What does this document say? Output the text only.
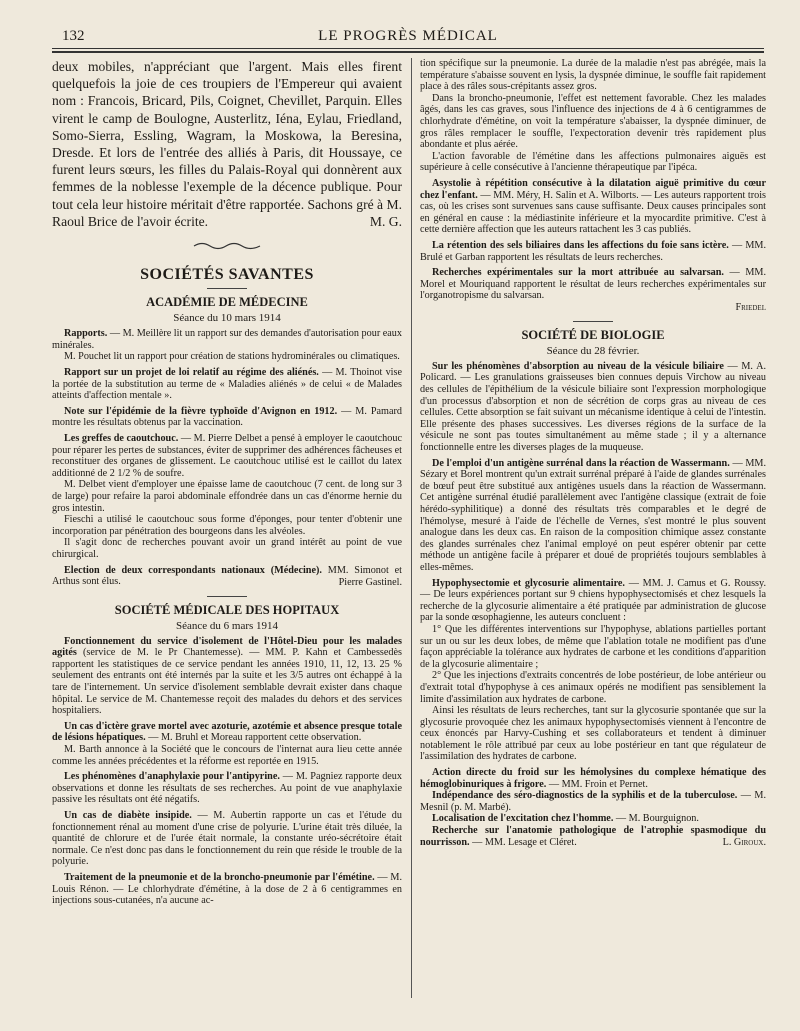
132	LE PROGRÈS MÉDICAL

deux mobiles, n'appréciant que l'argent. Mais elles firent quelquefois la joie de ces troupiers de l'Empereur qui avaient nom : Francois, Bricard, Pils, Coignet, Chevillet, Parquin. Elles virent le camp de Boulogne, Austerlitz, Iéna, Eylau, Friedland, Somo-Sierra, Essling, Wagram, la Moskowa, la Beresina, Dresde. Et lors de l'entrée des alliés à Paris, dit Houssaye, ce furent leurs sœurs, les filles du Palais-Royal qui donnèrent aux femmes de la noblesse l'exemple de la décence publique. Pour tout cela leur histoire méritait d'être rapportée. Sachons gré à M. Raoul Brice de l'avoir écrite.	M. G.

SOCIÉTÉS SAVANTES
ACADÉMIE DE MÉDECINE
Séance du 10 mars 1914

Rapports. — M. Meillère lit un rapport sur des demandes d'autorisation pour eaux minérales.

M. Pouchet lit un rapport pour création de stations hydrominérales ou climatiques.

Rapport sur un projet de loi relatif au régime des aliénés. — M. Thoinot vise la portée de la substitution au terme de « Maladies aliénés » de celui « de Malades atteints d'affection mentale ».

Note sur l'épidémie de la fièvre typhoïde d'Avignon en 1912. — M. Pamard montre les résultats obtenus par la vaccination.

Les greffes de caoutchouc. — M. Pierre Delbet a pensé à employer le caoutchouc pour réparer les pertes de substances, éviter de supprimer des adhérences fâcheuses et reconstituer des organes de glissement. Le caoutchouc utilisé est le caillot du latex additionné de 2 1/2 % de soufre.

M. Delbet vient d'employer une épaisse lame de caoutchouc (7 cent. de long sur 3 de large) pour refaire la paroi abdominale effondrée dans un cas d'énorme hernie du gros intestin.

Fieschi a utilisé le caoutchouc sous forme d'éponges, pour tenter d'obtenir une incorporation par pénétration des bourgeons dans les alvéoles.

Il s'agit donc de recherches pouvant avoir un grand intérêt au point de vue chirurgical.

Election de deux correspondants nationaux (Médecine). MM. Simonot et Arthus sont élus.	Pierre Gastinel.

SOCIÉTÉ MÉDICALE DES HOPITAUX
Séance du 6 mars 1914

Fonctionnement du service d'isolement de l'Hôtel-Dieu pour les malades agités (service de M. le Pr Chantemesse). — MM. P. Kahn et Cambessedès rapportent les statistiques de ce service pendant les années 1910, 11, 12, 13. 25 % seulement des entrants ont été internés par la suite et les 3/5 autres ont échappé à la tare de l'internement. Un service d'isolement semblable devrait exister dans chaque hôpital. Le service de M. Chantemesse reçoit des malades du dehors et des services hospitaliers.

Un cas d'ictère grave mortel avec azoturie, azotémie et absence presque totale de lésions hépatiques. — M. Bruhl et Moreau rapportent cette observation.

M. Barth annonce à la Société que le concours de l'internat aura lieu cette année comme les années précédentes et la réforme est reportée en 1915.

Les phénomènes d'anaphylaxie pour l'antipyrine. — M. Pagniez rapporte deux observations et donne les résultats de ses recherches. Au point de vue anaphylaxie passive les résultats ont été négatifs.

Un cas de diabète insipide. — M. Aubertin rapporte un cas et l'étude du fonctionnement rénal au moment d'une crise de polyurie. L'urine était très diluée, la quantité de chlorure et de l'urée était normale, la constante uréo-sécrétoire était normale. Ce n'est donc pas dans le fonctionnement du rein que réside le trouble de la polyurie.

Traitement de la pneumonie et de la broncho-pneumonie par l'émétine. — M. Louis Rénon. — Le chlorhydrate d'émétine, à la dose de 2 à 6 centigrammes en injections sous-cutanées, n'a aucune ac-

tion spécifique sur la pneumonie. La durée de la maladie n'est pas abrégée, mais la température s'abaisse souvent en lysis, la dyspnée diminue, le souffle fait rapidement place à des râles sous-crépitants assez gros.

Dans la broncho-pneumonie, l'effet est nettement favorable. Chez les malades âgés, dans les cas graves, sous l'influence des injections de 4 à 6 centigrammes de chlorhydrate d'émétine, on voit la température s'abaisser, la dyspnée diminuer, de gros râles remplacer le souffle, l'expectoration devenir très rapidement plus abondante et plus aérée.

L'action favorable de l'émétine dans les affections pulmonaires aiguës est supérieure à celle consécutive à l'ancienne thérapeutique par l'ipéca.

Asystolie à répétition consécutive à la dilatation aiguë primitive du cœur chez l'enfant. — MM. Méry, H. Salin et A. Wilborts. — Les auteurs rapportent trois cas, où les crises sont survenues sans cause suffisante. Deux causes principales sont en général en cause : la médiastinite inférieure et la myocardite primitive. C'est à cette dernière affection que les auteurs rattachent les 3 cas publiés.

La rétention des sels biliaires dans les affections du foie sans ictère. — MM. Brulé et Garban rapportent les résultats de leurs recherches.

Recherches expérimentales sur la mort attribuée au salvarsan. — MM. Morel et Mouriquand rapportent le résultat de leurs recherches expérimentales sur l'organotropisme du salvarsan.

Friedel

SOCIÉTÉ DE BIOLOGIE
Séance du 28 février.

Sur les phénomènes d'absorption au niveau de la vésicule biliaire — M. A. Policard. — Les granulations graisseuses bien connues depuis Virchow au niveau des cellules de l'épithélium de la vésicule biliaire sont l'expression morphologique d'un processus d'absorption et non de sécrétion de corps gras au niveau de ces cellules. Cette absorption se fait suivant un mécanisme identique à celui de l'intestin. Elle présente des phases successives. Les diverses régions de la surface de la vésicule ne sont pas toutes simultanément au même stade ; il y a alternance fonctionnelle entre les diverses plages de la muqueuse.

De l'emploi d'un antigène surrénal dans la réaction de Wassermann. — MM. Sézary et Borel montrent qu'un extrait surrénal préparé à l'aide de glandes surrénales de bœuf peut être substitué aux antigènes usuels dans la réaction de Wassermann. Cet antigène surrénal étudié parallèlement avec l'antigène classique (extrait de foie hérédo-syphilitique) a donné des résultats très comparables et le degré de l'hémolyse, mesuré à l'aide de l'échelle de Vernes, s'est montré le plus souvent analogue dans les deux cas. En raison de la composition chimique assez constante des glandes surrénales chez l'animal employé on peut espérer obtenir par cette méthode un antigène facile à préparer et doué de propriétés toujours semblables à elles-mêmes.

Hypophysectomie et glycosurie alimentaire. — MM. J. Camus et G. Roussy. — De leurs expériences portant sur 9 chiens hypophysectomisés et chez lesquels la recherche de la glycosurie alimentaire a été pratiquée par administration de glucose par la sonde œsophagienne, les auteurs concluent :

1° Que les différentes interventions sur l'hypophyse, ablations partielles portant sur un ou sur les deux lobes, de même que l'ablation totale ne modifient pas d'une façon appréciable la tolérance aux hydrates de carbone et les conditions d'apparition de la glycosurie alimentaire ;

2° Que les injections d'extraits concentrés de lobe postérieur, de lobe antérieur ou d'extrait total d'hypophyse à ces animaux opérés ne modifient pas sensiblement la limite d'assimilation aux hydrates de carbone.

Ainsi les résultats de leurs recherches, tant sur la glycosurie spontanée que sur la glycosurie provoquée chez les animaux hypophysectomisés viennent à l'encontre de ceux énoncés par Harvy-Cushing et ses collaborateurs et tendent à diminuer notablement le rôle attribué par ceux au lobe postérieur en tant que régulateur de l'assimilation des hydrates de carbone.

Action directe du froid sur les hémolysines du complexe hématique des hémoglobinuriques à frigore. — MM. Froin et Pernet.

Indépendance des séro-diagnostics de la syphilis et de la tuberculose. — M. Mesnil (p. M. Marbé).

Localisation de l'excitation chez l'homme. — M. Bourguignon.

Recherche sur l'anatomie pathologique de l'atrophie spasmodique du nourrisson. — MM. Lesage et Cléret.	L. Giroux.
